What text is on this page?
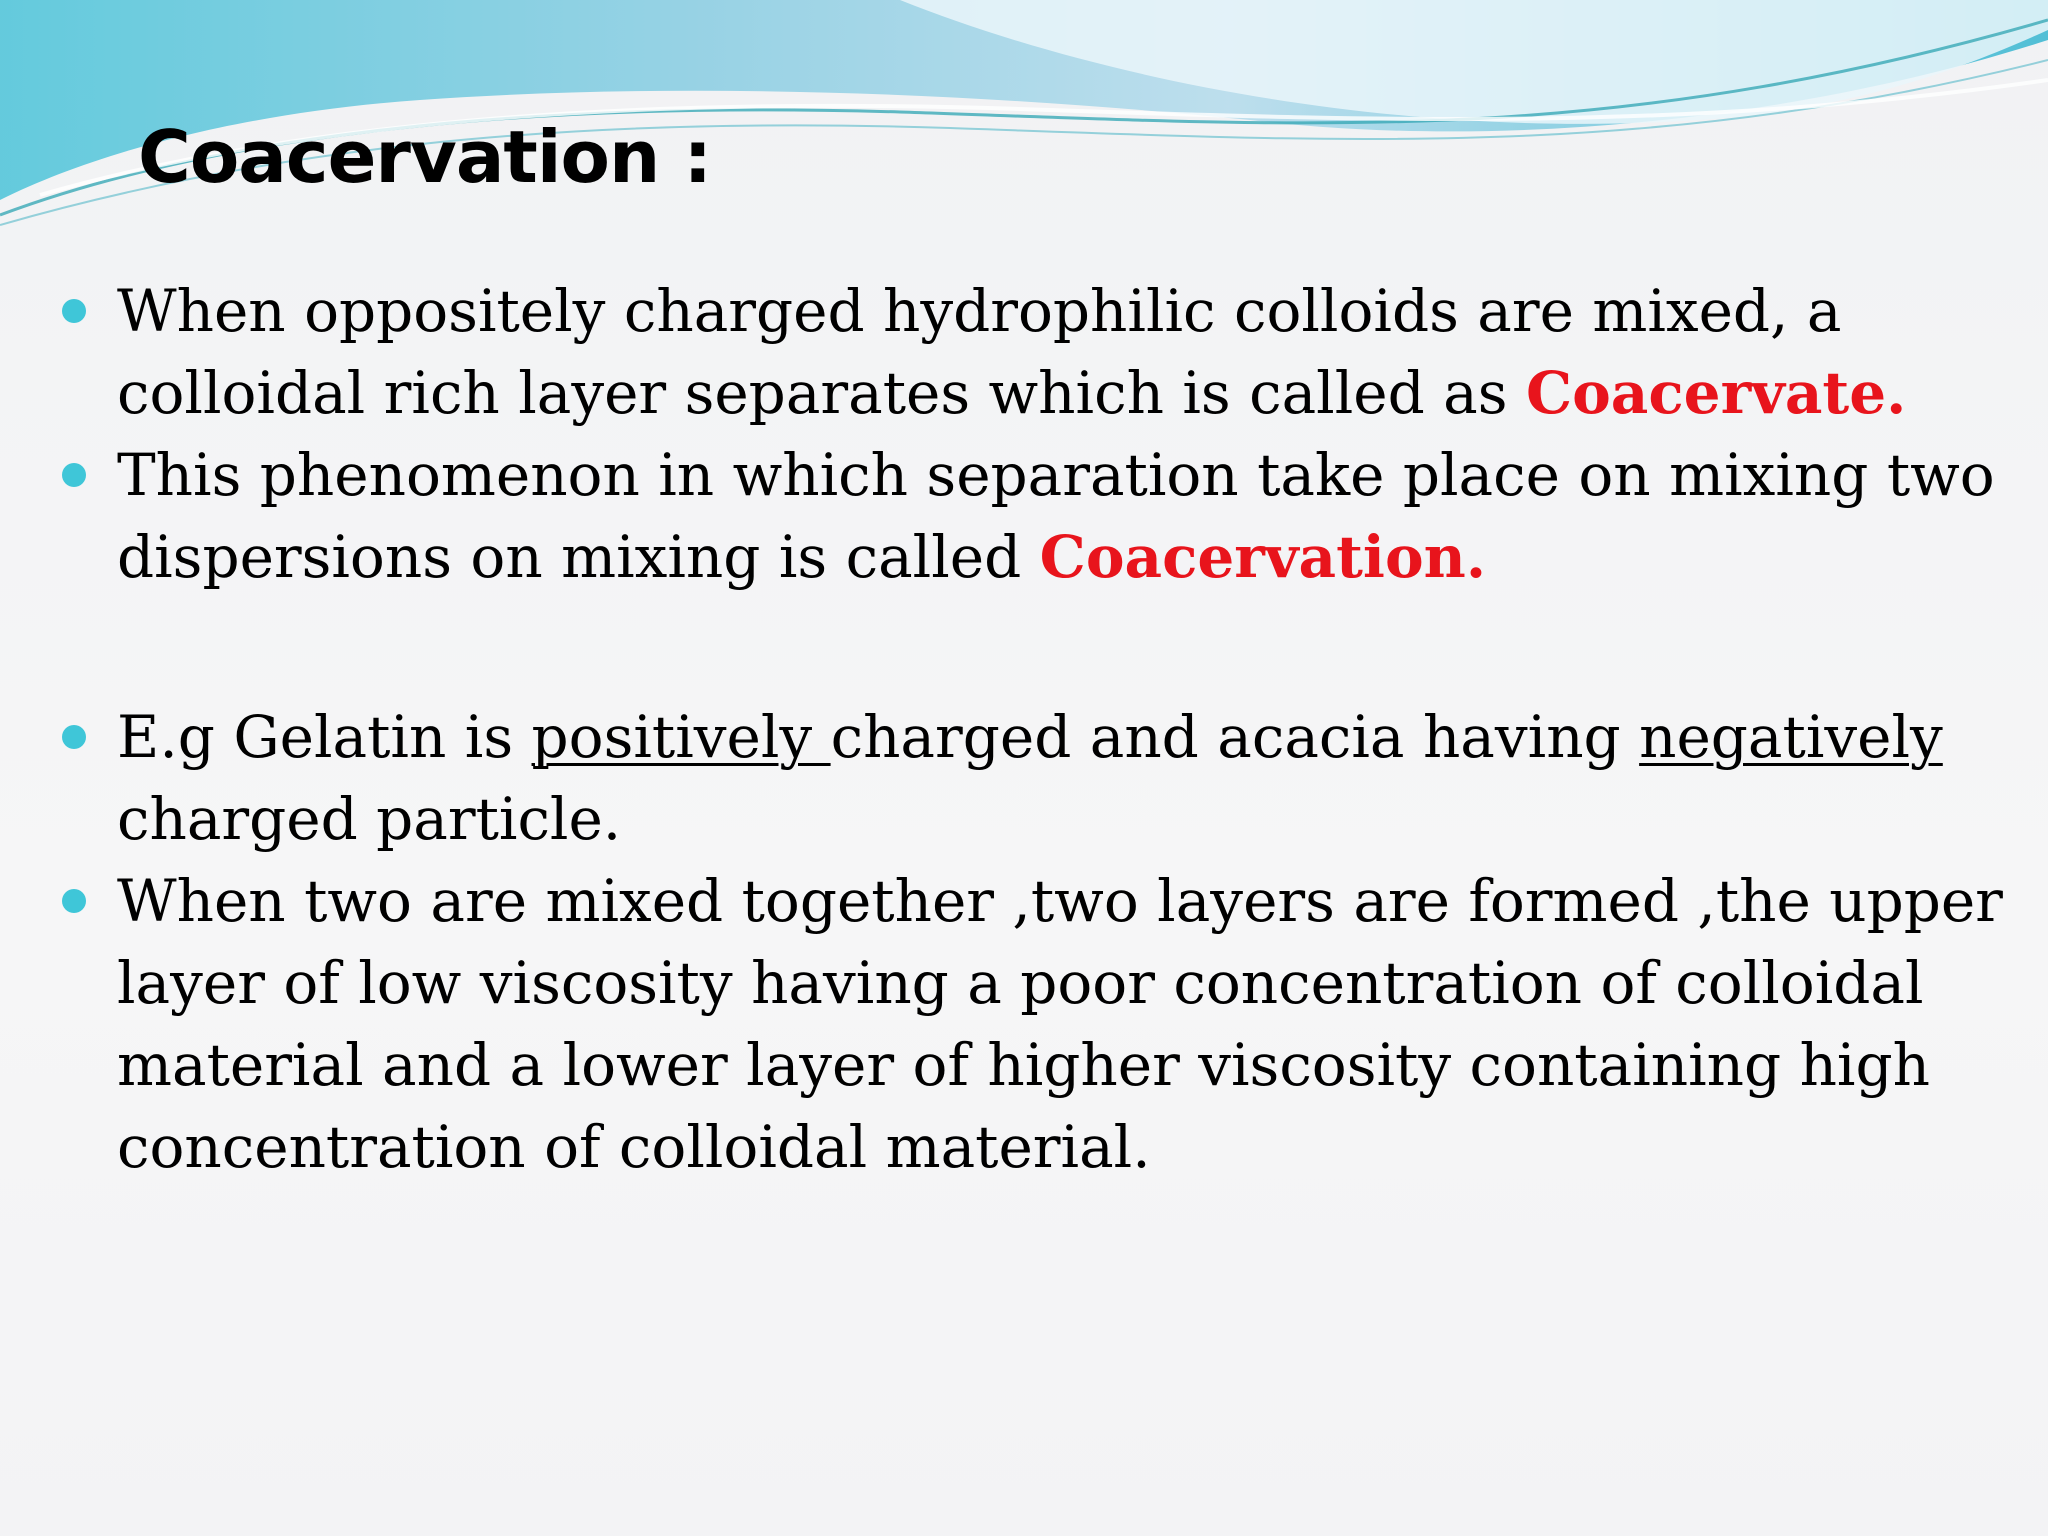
Coacervation :

When oppositely charged hydrophilic colloids are mixed, a colloidal rich layer separates which is called as Coacervate.

This phenomenon in which separation take place on mixing two dispersions on mixing is called Coacervation.

E.g Gelatin is positively charged and acacia having negatively charged particle.

When two are mixed together ,two layers are formed ,the upper layer of low viscosity having a poor concentration of colloidal material and a lower layer of higher viscosity containing high concentration of colloidal material.
